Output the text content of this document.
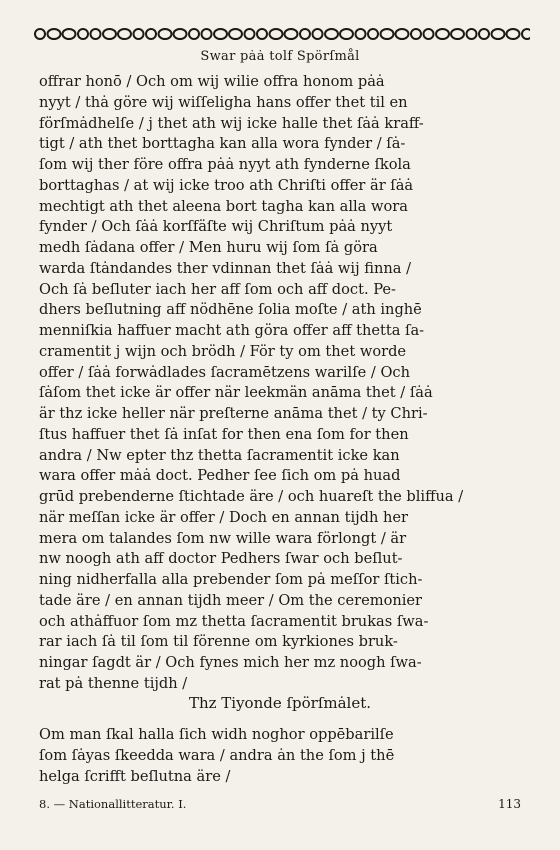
Swar pȧȧ tolf Spörſmål
offrar honō / Och om wij wilie offra honom pȧȧ
nyyt / thȧ göre wij wiſſeligha hans offer thet til en
förſmȧdhelſe / j thet ath wij icke halle thet ſȧȧ kraff-
tigt / ath thet borttagha kan alla wora fynder / ſȧ-
ſom wij ther före offra pȧȧ nyyt ath fynderne ſkola
borttaghas / at wij icke troo ath Chriſti offer är ſȧȧ
mechtigt ath thet aleena bort tagha kan alla wora
fynder / Och ſȧȧ korſfäſte wij Chriſtum pȧȧ nyyt
medh ſȧdana offer / Men huru wij ſom ſȧ göra
warda ſtȧndandes ther vdinnan thet ſȧȧ wij finna /
Och ſȧ beſluter iach her aff ſom och aff doct. Pe-
dhers beſlutning aff nödhēne ſolia moſte / ath inghē
menniſkia haffuer macht ath göra offer aff thetta ſa-
cramentit j wijn och brödh / För ty om thet worde
offer / ſȧȧ forwȧdlades ſacramētzens warilſe / Och
ſȧſom thet icke är offer när leekmän anāma thet / ſȧȧ
är thz icke heller när preſterne anāma thet / ty Chri-
ſtus haffuer thet ſȧ inſat for then ena ſom for then
andra / Nw epter thz thetta ſacramentit icke kan
wara offer mȧȧ doct. Pedher ſee ſich om pȧ huad
grūd prebenderne ſtichtade äre / och huareſt the bliffua /
när meſſan icke är offer / Doch en annan tijdh her
mera om talandes ſom nw wille wara förlongt / är
nw noogh ath aff doctor Pedhers ſwar och beſlut-
ning nidherfalla alla prebender ſom pȧ meſſor ſtich-
tade äre / en annan tijdh meer / Om the ceremonier
och athȧffuor ſom mz thetta ſacramentit brukas ſwa-
rar iach ſȧ til ſom til förenne om kyrkiones bruk-
ningar ſagdt är / Och fynes mich her mz noogh ſwa-
rat pȧ thenne tijdh /
Thz Tiyonde ſpörſmȧlet.
Om man ſkal halla ſich widh noghor oppēbarilſe
ſom ſȧyas ſkeedda wara / andra ȧn the ſom j thē
helga ſcrifft beſlutna äre /
8. — Nationallitteratur. I.	113
